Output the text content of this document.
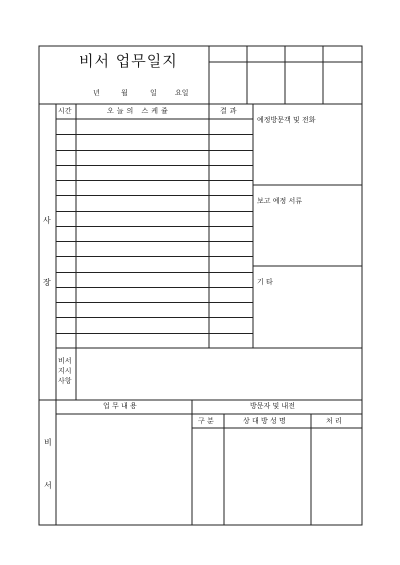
비서 업무일지
년	월	일	요일
사
장
시간	오늘의 스케쥴	결과
예정방문객 및 전화
보고 예정 서류
기 타
비서
지시
사항
비
서
업 무 내 용	방문자 및 내전
구 분	상 대 방 성 명	처 리
